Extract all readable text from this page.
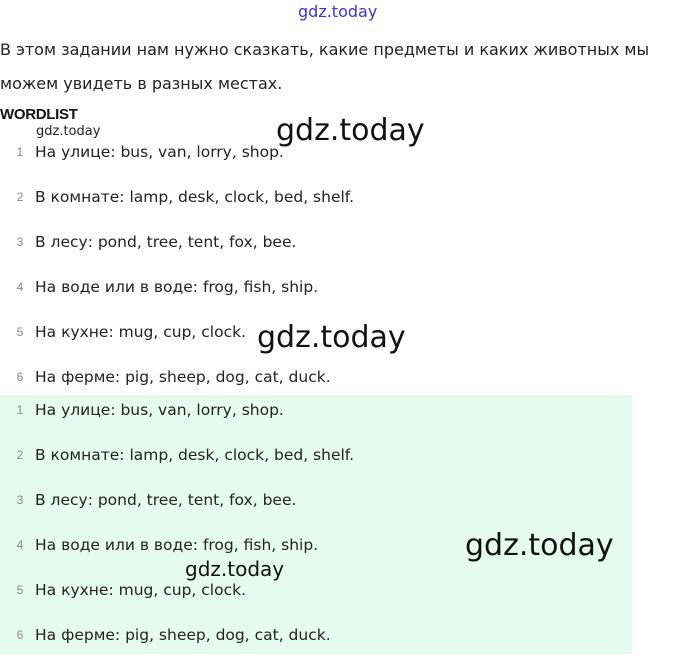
gdz.today
В этом задании нам нужно сказкать, какие предметы и каких животных мы
можем увидеть в разных местах.
WORDLIST
gdz.today
1 На улице: bus, van, lorry, shop.
2 В комнате: lamp, desk, clock, bed, shelf.
3 В лесу: pond, tree, tent, fox, bee.
4 На воде или в воде: frog, fish, ship.
5 На кухне: mug, cup, clock.
6 На ферме: pig, sheep, dog, cat, duck.
1 На улице: bus, van, lorry, shop.
2 В комнате: lamp, desk, clock, bed, shelf.
3 В лесу: pond, tree, tent, fox, bee.
4 На воде или в воде: frog, fish, ship.
5 На кухне: mug, cup, clock.
6 На ферме: pig, sheep, dog, cat, duck.
gdz.today
gdz.today
gdz.today
gdz.today
